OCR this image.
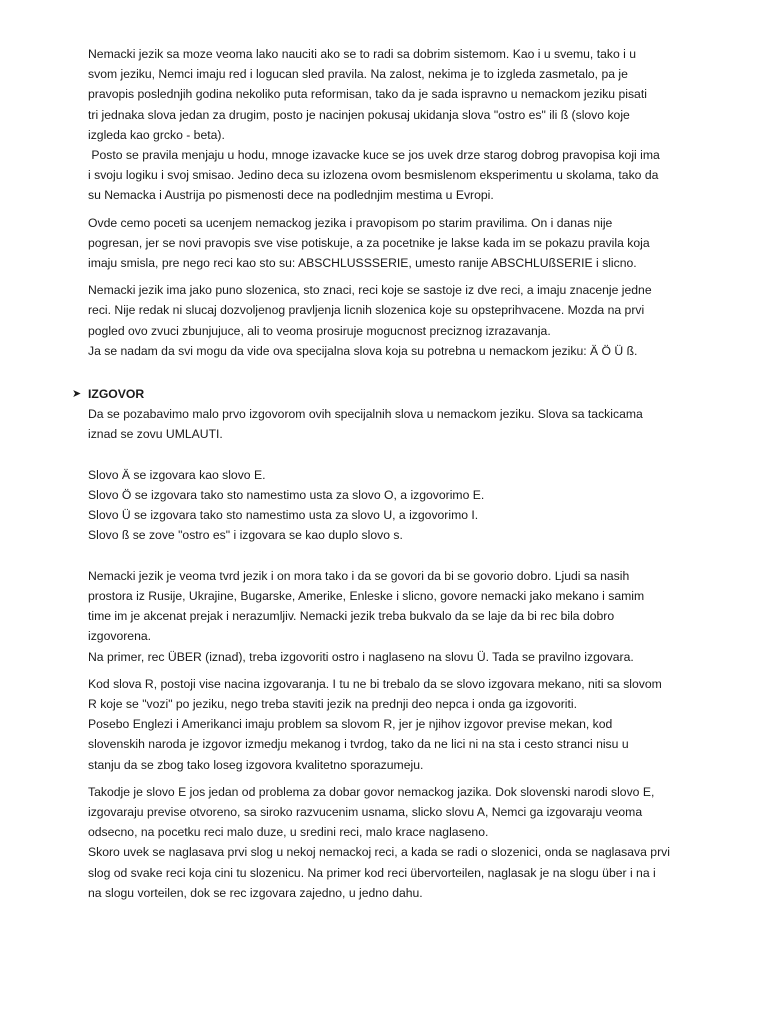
Nemacki jezik sa moze veoma lako nauciti ako se to radi sa dobrim sistemom. Kao i u svemu, tako i u
svom jeziku, Nemci imaju red i logucan sled pravila. Na zalost, nekima je to izgleda zasmetalo, pa je
pravopis poslednjih godina nekoliko puta reformisan, tako da je sada ispravno u nemackom jeziku pisati
tri jednaka slova jedan za drugim, posto je nacinjen pokusaj ukidanja slova "ostro es" ili ß (slovo koje
izgleda kao grcko - beta).
Posto se pravila menjaju u hodu, mnoge izavacke kuce se jos uvek drze starog dobrog pravopisa koji ima
i svoju logiku i svoj smisao. Jedino deca su izlozena ovom besmislenom eksperimentu u skolama, tako da
su Nemacka i Austrija po pismenosti dece na podlednjim mestima u Evropi.
Ovde cemo poceti sa ucenjem nemackog jezika i pravopisom po starim pravilima. On i danas nije
pogresan, jer se novi pravopis sve vise potiskuje, a za pocetnike je lakse kada im se pokazu pravila koja
imaju smisla, pre nego reci kao sto su: ABSCHLUSSSERIE, umesto ranije ABSCHLUßSERIE i slicno.
Nemacki jezik ima jako puno slozenica, sto znaci, reci koje se sastoje iz dve reci, a imaju znacenje jedne
reci. Nije redak ni slucaj dozvoljenog pravljenja licnih slozenica koje su opsteprihvacene. Mozda na prvi
pogled ovo zvuci zbunjujuce, ali to veoma prosiruje mogucnost preciznog izrazavanja.
Ja se nadam da svi mogu da vide ova specijalna slova koja su potrebna u nemackom jeziku: Ä Ö Ü ß.
➤ IZGOVOR
Da se pozabavimo malo prvo izgovorom ovih specijalnih slova u nemackom jeziku. Slova sa tackicama
iznad se zovu UMLAUTI.
Slovo Ä se izgovara kao slovo E.
Slovo Ö se izgovara tako sto namestimo usta za slovo O, a izgovorimo E.
Slovo Ü se izgovara tako sto namestimo usta za slovo U, a izgovorimo I.
Slovo ß se zove "ostro es" i izgovara se kao duplo slovo s.
Nemacki jezik je veoma tvrd jezik i on mora tako i da se govori da bi se govorio dobro. Ljudi sa nasih
prostora iz Rusije, Ukrajine, Bugarske, Amerike, Enleske i slicno, govore nemacki jako mekano i samim
time im je akcenat prejak i nerazumljiv. Nemacki jezik treba bukvalo da se laje da bi rec bila dobro
izgovorena.
Na primer, rec ÜBER (iznad), treba izgovoriti ostro i naglaseno na slovu Ü. Tada se pravilno izgovara.
Kod slova R, postoji vise nacina izgovaranja. I tu ne bi trebalo da se slovo izgovara mekano, niti sa slovom
R koje se "vozi" po jeziku, nego treba staviti jezik na prednji deo nepca i onda ga izgovoriti.
Posebo Englezi i Amerikanci imaju problem sa slovom R, jer je njihov izgovor previse mekan, kod
slovenskih naroda je izgovor izmedju mekanog i tvrdog, tako da ne lici ni na sta i cesto stranci nisu u
stanju da se zbog tako loseg izgovora kvalitetno sporazumeju.
Takodje je slovo E jos jedan od problema za dobar govor nemackog jazika. Dok slovenski narodi slovo E,
izgovaraju previse otvoreno, sa siroko razvucenim usnama, slicko slovu A, Nemci ga izgovaraju veoma
odsecno, na pocetku reci malo duze, u sredini reci, malo krace naglaseno.
Skoro uvek se naglasava prvi slog u nekoj nemackoj reci, a kada se radi o slozenici, onda se naglasava prvi
slog od svake reci koja cini tu slozenicu. Na primer kod reci übervorteilen, naglasak je na slogu über i na i
na slogu vorteilen, dok se rec izgovara zajedno, u jedno dahu.
